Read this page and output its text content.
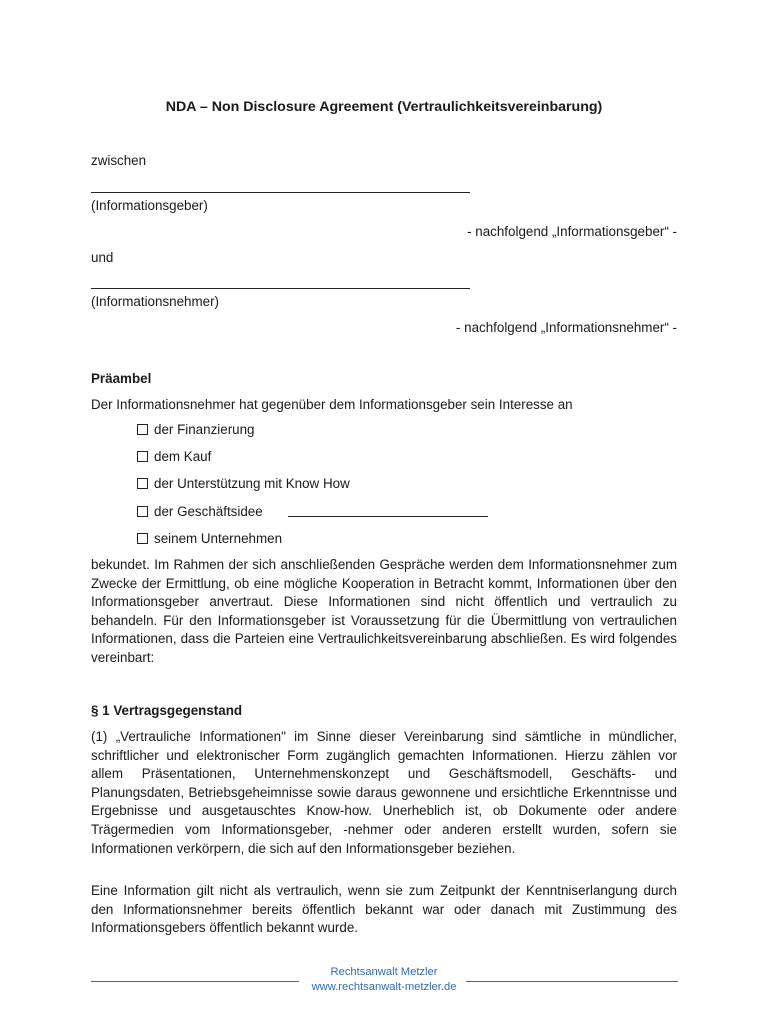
NDA – Non Disclosure Agreement (Vertraulichkeitsvereinbarung)
zwischen
(Informationsgeber)
- nachfolgend „Informationsgeber“ -
und
(Informationsnehmer)
- nachfolgend „Informationsnehmer“ -
Präambel
Der Informationsnehmer hat gegenüber dem Informationsgeber sein Interesse an
der Finanzierung
dem Kauf
der Unterstützung mit Know How
der Geschäftsidee
seinem Unternehmen
bekundet. Im Rahmen der sich anschließenden Gespräche werden dem Informationsnehmer zum Zwecke der Ermittlung, ob eine mögliche Kooperation in Betracht kommt, Informationen über den Informationsgeber anvertraut. Diese Informationen sind nicht öffentlich und vertraulich zu behandeln. Für den Informationsgeber ist Voraussetzung für die Übermittlung von vertraulichen Informationen, dass die Parteien eine Vertraulichkeitsvereinbarung abschließen. Es wird folgendes vereinbart:
§ 1 Vertragsgegenstand
(1) „Vertrauliche Informationen" im Sinne dieser Vereinbarung sind sämtliche in mündlicher, schriftlicher und elektronischer Form zugänglich gemachten Informationen. Hierzu zählen vor allem Präsentationen, Unternehmenskonzept und Geschäftsmodell, Geschäfts- und Planungsdaten, Betriebsgeheimnisse sowie daraus gewonnene und ersichtliche Erkenntnisse und Ergebnisse und ausgetauschtes Know-how. Unerheblich ist, ob Dokumente oder andere Trägermedien vom Informationsgeber, -nehmer oder anderen erstellt wurden, sofern sie Informationen verkörpern, die sich auf den Informationsgeber beziehen.
Eine Information gilt nicht als vertraulich, wenn sie zum Zeitpunkt der Kenntniserlangung durch den Informationsnehmer bereits öffentlich bekannt war oder danach mit Zustimmung des Informationsgebers öffentlich bekannt wurde.
Rechtsanwalt Metzler
www.rechtsanwalt-metzler.de
